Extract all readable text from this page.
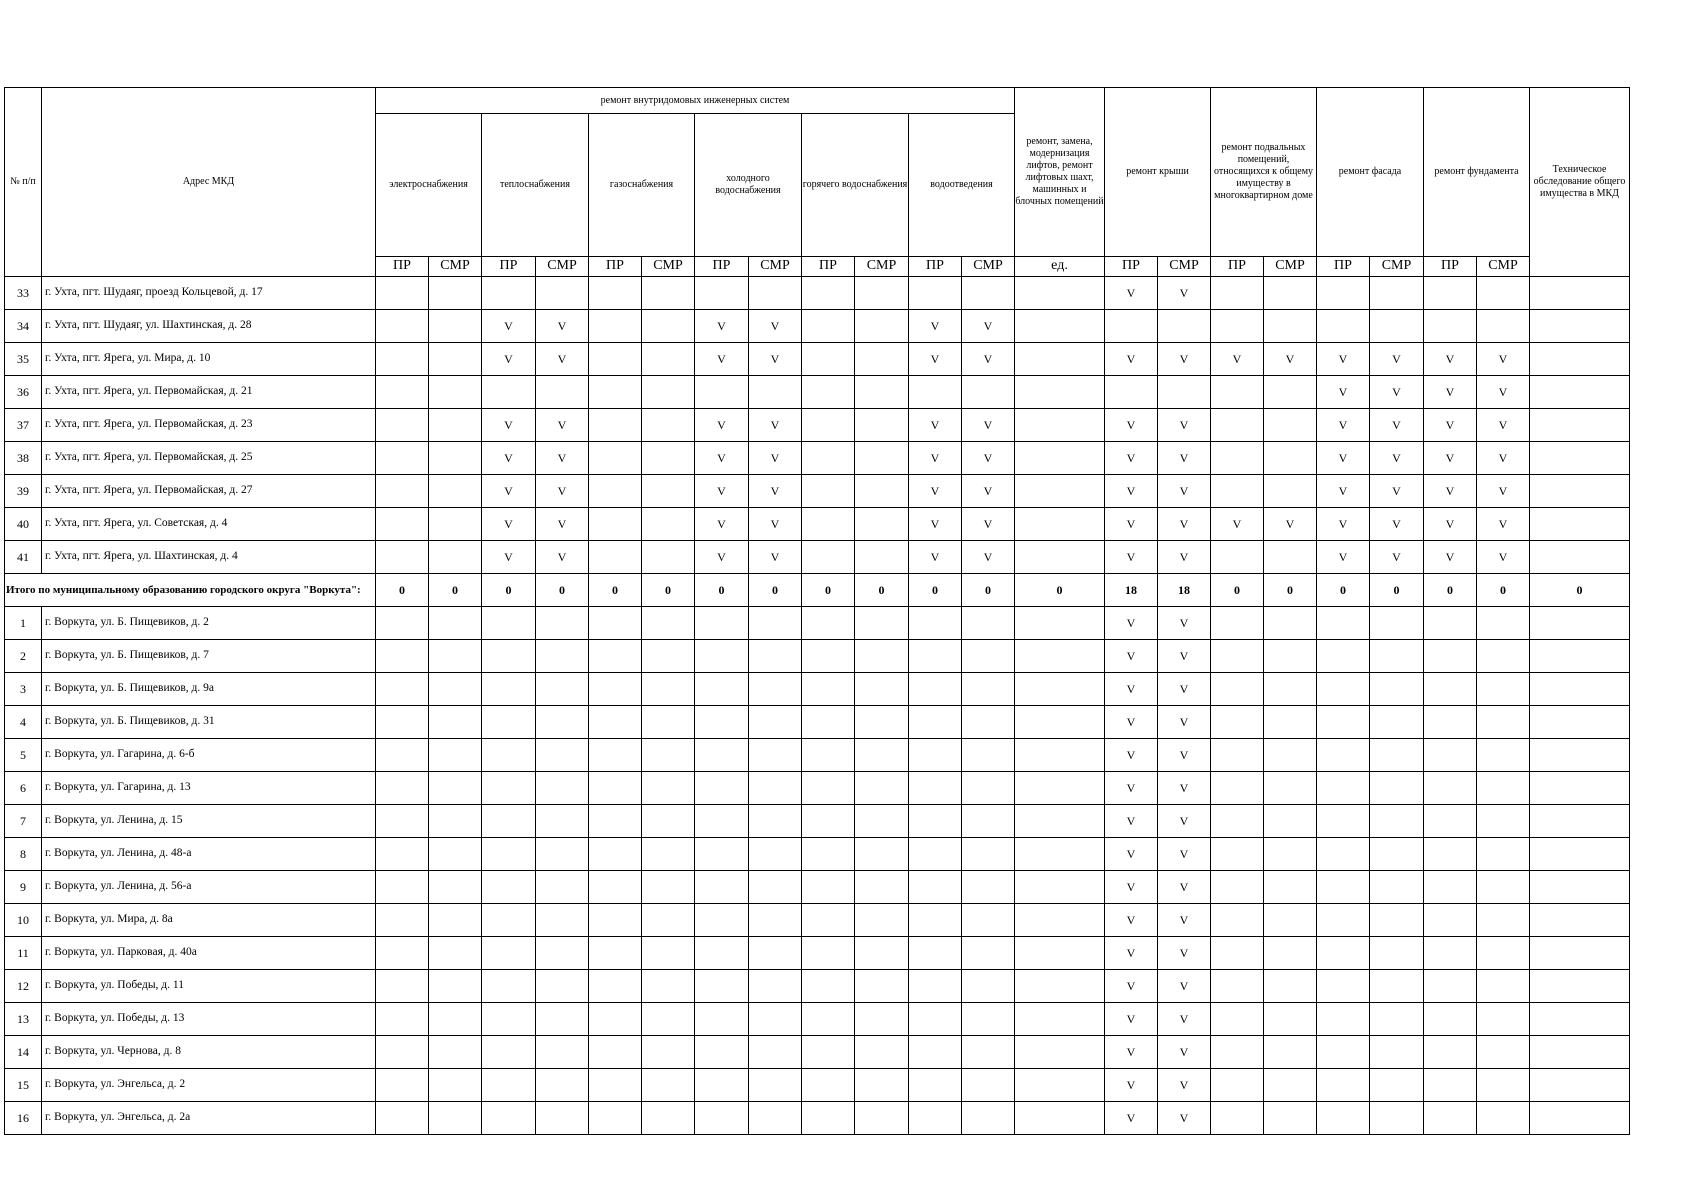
№ п/п	Адрес МКД	ремонт внутридомовых инженерных систем												ремонт, замена, модернизация лифтов, ремонт лифтовых шахт, машинных и блочных помещений	ремонт крыши		ремонт подвальных помещений, относящихся к общему имуществу в многоквартирном доме		ремонт фасада		ремонт фундамента		Техническое обследование общего имущества в МКД
		электроснабжения		теплоснабжения		газоснабжения		холодного водоснабжения		горячего водоснабжения		водоотведения											
		ПР	СМР	ПР	СМР	ПР	СМР	ПР	СМР	ПР	СМР	ПР	СМР	ед.	ПР	СМР	ПР	СМР	ПР	СМР	ПР	СМР	
33	г. Ухта, пгт. Шудаяг, проезд Кольцевой, д. 17														V	V							
34	г. Ухта, пгт. Шудаяг, ул. Шахтинская, д. 28			V	V			V	V			V	V										
35	г. Ухта, пгт. Ярега, ул. Мира, д. 10			V	V			V	V			V	V		V	V	V	V	V	V	V	V	
36	г. Ухта, пгт. Ярега, ул. Первомайская, д. 21																		V	V	V	V	
37	г. Ухта, пгт. Ярега, ул. Первомайская, д. 23			V	V			V	V			V	V		V	V			V	V	V	V	
38	г. Ухта, пгт. Ярега, ул. Первомайская, д. 25			V	V			V	V			V	V		V	V			V	V	V	V	
39	г. Ухта, пгт. Ярега, ул. Первомайская, д. 27			V	V			V	V			V	V		V	V			V	V	V	V	
40	г. Ухта, пгт. Ярега, ул. Советская, д. 4			V	V			V	V			V	V		V	V	V	V	V	V	V	V	
41	г. Ухта, пгт. Ярега, ул. Шахтинская, д. 4			V	V			V	V			V	V		V	V			V	V	V	V	
Итого по муниципальному образованию городского округа "Воркута":		0	0	0	0	0	0	0	0	0	0	0	0	0	18	18	0	0	0	0	0	0	0
1	г. Воркута, ул. Б. Пищевиков, д. 2														V	V							
2	г. Воркута, ул. Б. Пищевиков, д. 7														V	V							
3	г. Воркута, ул. Б. Пищевиков, д. 9а														V	V							
4	г. Воркута, ул. Б. Пищевиков, д. 31														V	V							
5	г. Воркута, ул. Гагарина, д. 6-б														V	V							
6	г. Воркута, ул. Гагарина, д. 13														V	V							
7	г. Воркута, ул. Ленина, д. 15														V	V							
8	г. Воркута, ул. Ленина, д. 48-а														V	V							
9	г. Воркута, ул. Ленина, д. 56-а														V	V							
10	г. Воркута, ул. Мира, д. 8а														V	V							
11	г. Воркута, ул. Парковая, д. 40а														V	V							
12	г. Воркута, ул. Победы, д. 11														V	V							
13	г. Воркута, ул. Победы, д. 13														V	V							
14	г. Воркута, ул. Чернова, д. 8														V	V							
15	г. Воркута, ул. Энгельса, д. 2														V	V							
16	г. Воркута, ул. Энгельса, д. 2а														V	V							
